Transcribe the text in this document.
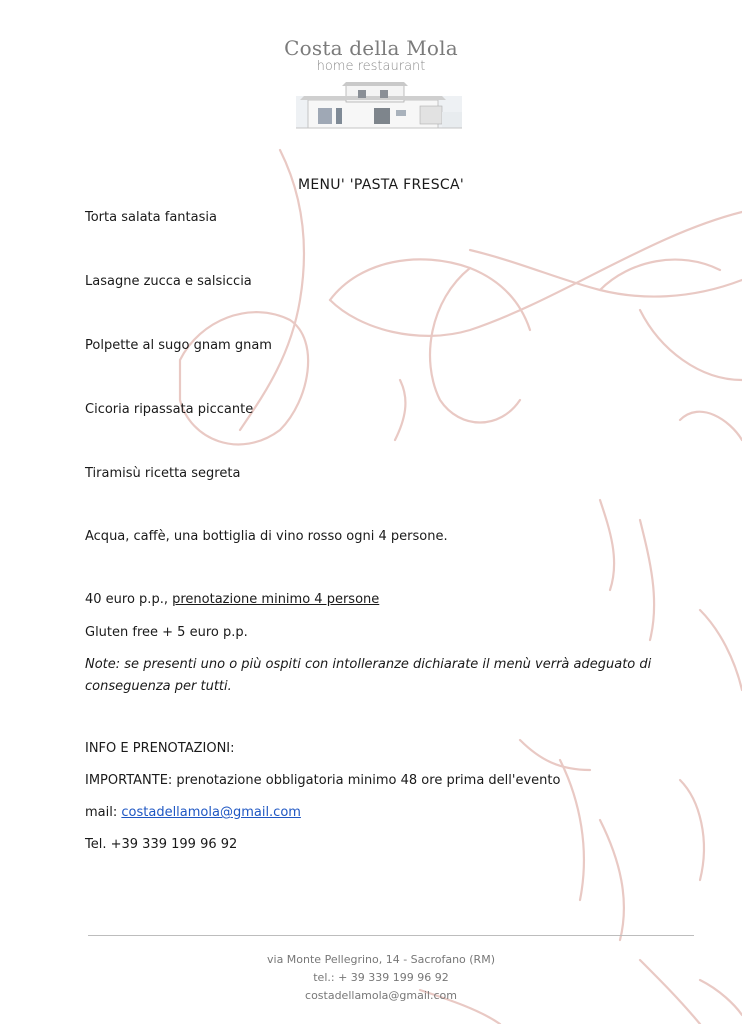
Costa della Mola
home restaurant
MENU' 'PASTA FRESCA'
Torta salata fantasia
Lasagne zucca e salsiccia
Polpette al sugo gnam gnam
Cicoria ripassata piccante
Tiramisù ricetta segreta
Acqua, caffè, una bottiglia di vino rosso ogni 4 persone.
40 euro p.p., prenotazione minimo 4 persone
Gluten free + 5 euro p.p.
Note: se presenti uno o più ospiti con intolleranze dichiarate il menù verrà adeguato di conseguenza per tutti.
INFO E PRENOTAZIONI:
IMPORTANTE: prenotazione obbligatoria minimo 48 ore prima dell'evento
mail: costadellamola@gmail.com
Tel. +39 339 199 96 92
via Monte Pellegrino, 14 - Sacrofano (RM)
tel.: + 39 339 199 96 92
costadellamola@gmail.com
